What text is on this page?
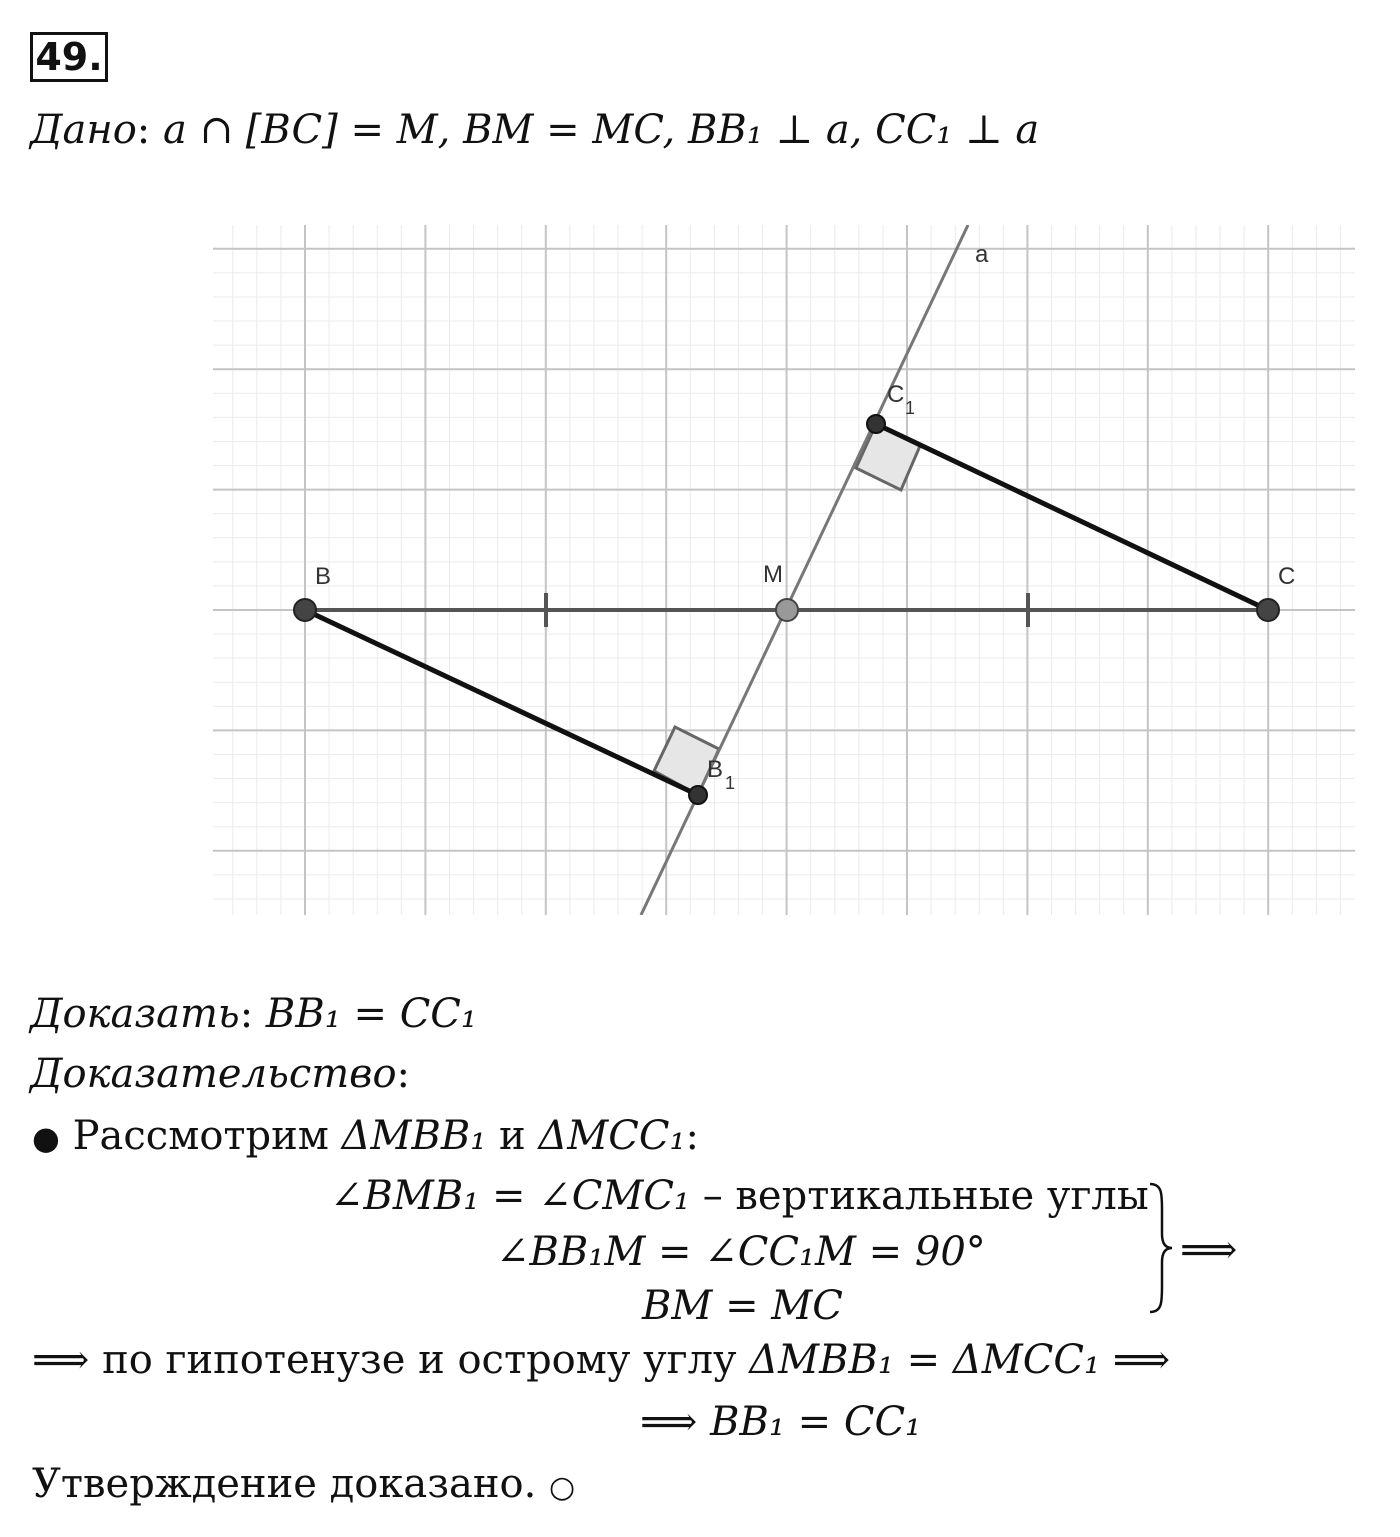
49.
Дано: a ∩ [BC] = M, BM = MC, BB₁ ⊥ a, CC₁ ⊥ a
a
B	M	C
B 1
C 1
Доказать: BB₁ = CC₁
Доказательство:
● Рассмотрим ΔMBB₁ и ΔMCC₁:
∠BMB₁ = ∠CMC₁ – вертикальные углы
∠BB₁M = ∠CC₁M = 90°
BM = MC
⟹
⟹ по гипотенузе и острому углу ΔMBB₁ = ΔMCC₁ ⟹
⟹ BB₁ = CC₁
Утверждение доказано. ○
